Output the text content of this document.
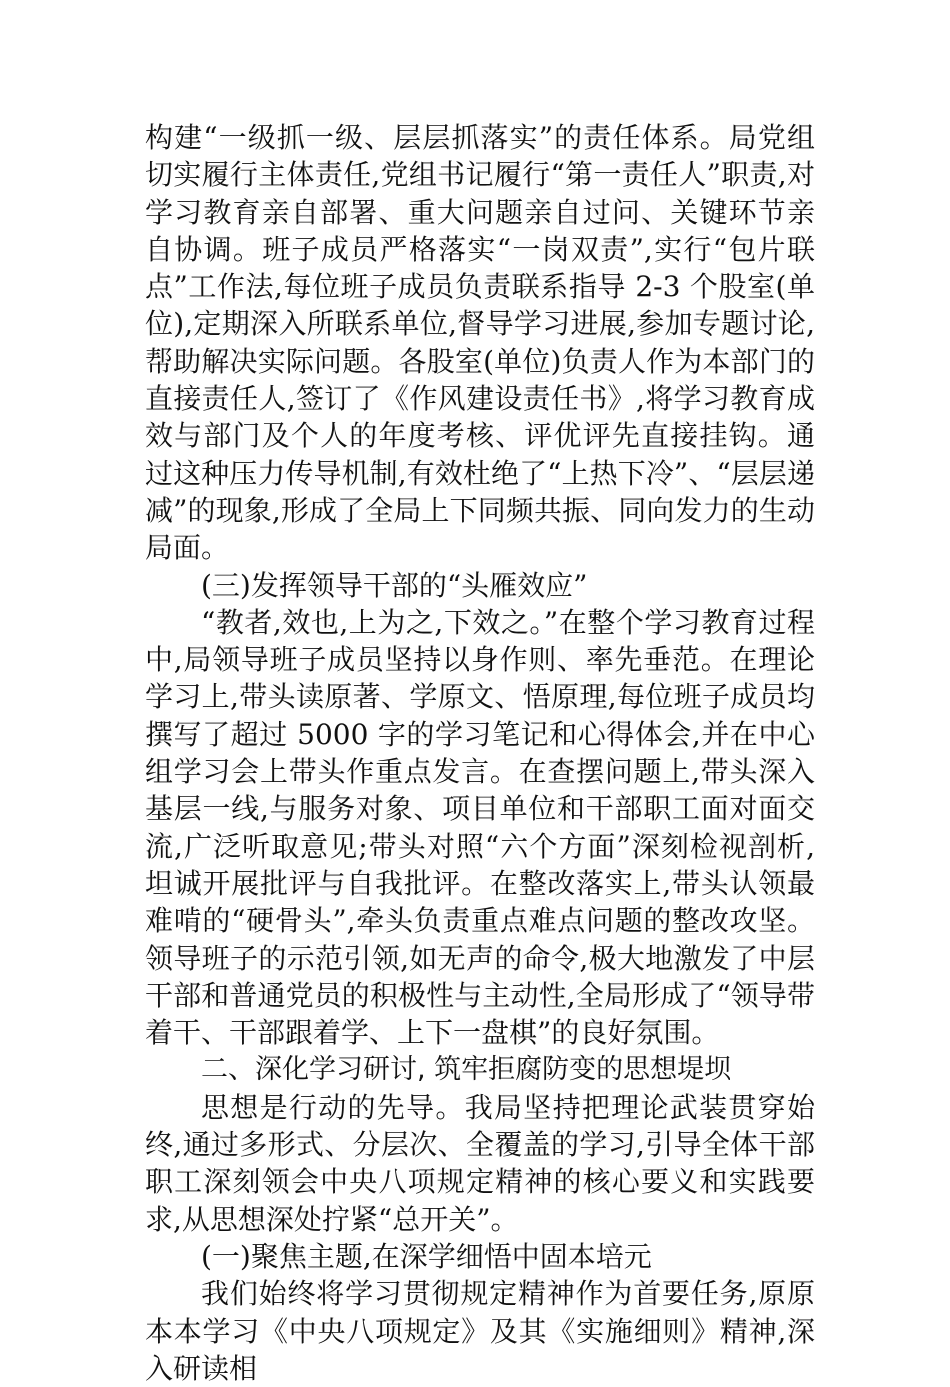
构建“一级抓一级、层层抓落实”的责任体系。局党组切实履行主体责任,党组书记履行“第一责任人”职责,对学习教育亲自部署、重大问题亲自过问、关键环节亲自协调。班子成员严格落实“一岗双责”,实行“包片联点”工作法,每位班子成员负责联系指导 2-3 个股室(单位),定期深入所联系单位,督导学习进展,参加专题讨论,帮助解决实际问题。各股室(单位)负责人作为本部门的直接责任人,签订了《作风建设责任书》,将学习教育成效与部门及个人的年度考核、评优评先直接挂钩。通过这种压力传导机制,有效杜绝了“上热下冷”、“层层递减”的现象,形成了全局上下同频共振、同向发力的生动局面。

(三)发挥领导干部的“头雁效应”

“教者,效也,上为之,下效之。”在整个学习教育过程中,局领导班子成员坚持以身作则、率先垂范。在理论学习上,带头读原著、学原文、悟原理,每位班子成员均撰写了超过 5000 字的学习笔记和心得体会,并在中心组学习会上带头作重点发言。在查摆问题上,带头深入基层一线,与服务对象、项目单位和干部职工面对面交流,广泛听取意见;带头对照“六个方面”深刻检视剖析,坦诚开展批评与自我批评。在整改落实上,带头认领最难啃的“硬骨头”,牵头负责重点难点问题的整改攻坚。领导班子的示范引领,如无声的命令,极大地激发了中层干部和普通党员的积极性与主动性,全局形成了“领导带着干、干部跟着学、上下一盘棋”的良好氛围。

二、深化学习研讨, 筑牢拒腐防变的思想堤坝

思想是行动的先导。我局坚持把理论武装贯穿始终,通过多形式、分层次、全覆盖的学习,引导全体干部职工深刻领会中央八项规定精神的核心要义和实践要求,从思想深处拧紧“总开关”。

(一)聚焦主题,在深学细悟中固本培元

我们始终将学习贯彻规定精神作为首要任务,原原本本学习《中央八项规定》及其《实施细则》精神,深入研读相
